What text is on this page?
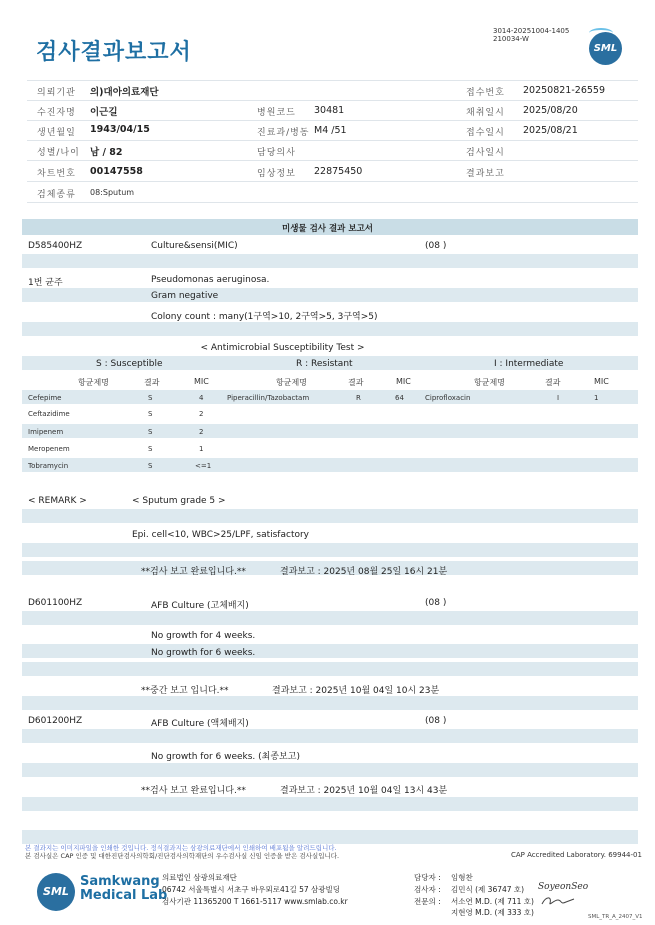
검사결과보고서
3014-20251004-1405
210034-W
SML
의뢰기관 의)대아의료재단	접수번호 20250821-26559
수진자명 이근길	병원코드 30481	채취일시 2025/08/20
생년월일 1943/04/15	진료과/병동 M4 /51	접수일시 2025/08/21
성별/나이 남 / 82	담당의사	검사일시
차트번호 00147558	임상정보 22875450	결과보고
검체종류 08:Sputum
미생물 검사 결과 보고서
D585400HZ	Culture&sensi(MIC)	(08 )
1번 균주	Pseudomonas aeruginosa.
Gram negative
Colony count : many(1구역>10, 2구역>5, 3구역>5)
< Antimicrobial Susceptibility Test >
S : Susceptible	R : Resistant	I : Intermediate
항균제명	결과	MIC	항균제명	결과	MIC	항균제명	결과	MIC
Cefepime	S	4	Piperacillin/Tazobactam	R	64	Ciprofloxacin	I	1
Ceftazidime	S	2
Imipenem	S	2
Meropenem	S	1
Tobramycin	S	<=1
< REMARK >	< Sputum grade 5 >
Epi. cell<10, WBC>25/LPF, satisfactory
**검사 보고 완료입니다.**	결과보고 : 2025년 08월 25일 16시 21분
D601100HZ	AFB Culture (고체배지)	(08 )
No growth for 4 weeks.
No growth for 6 weeks.
**중간 보고 입니다.**	결과보고 : 2025년 10월 04일 10시 23분
D601200HZ	AFB Culture (액체배지)	(08 )
No growth for 6 weeks. (최종보고)
**검사 보고 완료입니다.**	결과보고 : 2025년 10월 04일 13시 43분
본 결과지는 이미지파일을 인쇄한 것입니다. 정식결과지는 삼광의료재단에서 인쇄하여 배포됨을 알려드립니다.
본 검사실은 CAP 인증 및 대한진단검사의학회/진단검사의학재단의 우수검사실 신임 인증을 받은 검사실입니다.	CAP Accredited Laboratory. 69944-01
SML
Samkwang
Medical Lab
의료법인 삼광의료재단
06742 서울특별시 서초구 바우뫼로41길 57 삼광빌딩
검사기관 11365200 T 1661-5117 www.smlab.co.kr
담당자 : 임형찬
검사자 : 김민식 (제 36747 호)
전문의 : 서소연 M.D. (제 711 호)
지현영 M.D. (제 333 호)
SoyeonSeo
SML_TR_A_2407_V1
